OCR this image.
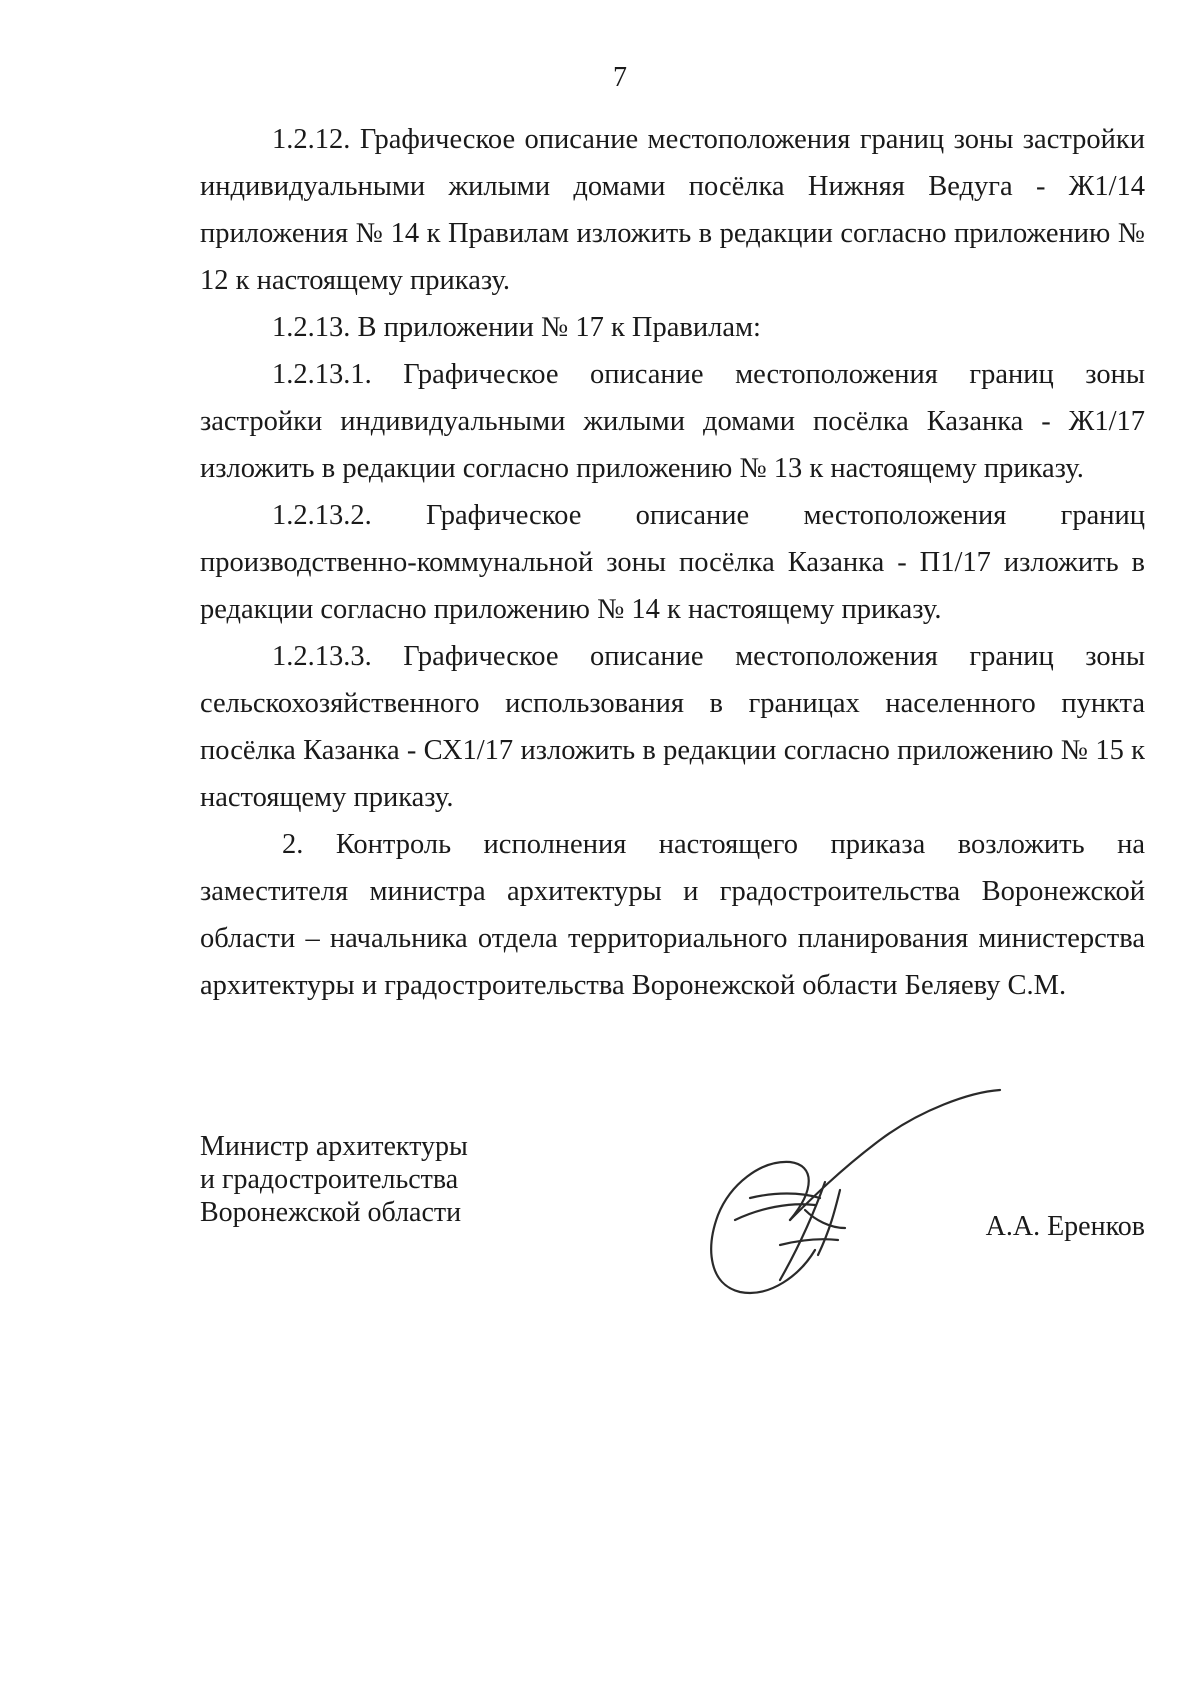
7

1.2.12. Графическое описание местоположения границ зоны застройки индивидуальными жилыми домами посёлка Нижняя Ведуга - Ж1/14 приложения № 14 к Правилам изложить в редакции согласно приложению № 12 к настоящему приказу.

1.2.13. В приложении № 17 к Правилам:

1.2.13.1. Графическое описание местоположения границ зоны застройки индивидуальными жилыми домами посёлка Казанка - Ж1/17 изложить в редакции согласно приложению № 13 к настоящему приказу.

1.2.13.2. Графическое описание местоположения границ производственно-коммунальной зоны посёлка Казанка - П1/17 изложить в редакции согласно приложению № 14 к настоящему приказу.

1.2.13.3. Графическое описание местоположения границ зоны сельскохозяйственного использования в границах населенного пункта посёлка Казанка - СХ1/17 изложить в редакции согласно приложению № 15 к настоящему приказу.

2. Контроль исполнения настоящего приказа возложить на заместителя министра архитектуры и градостроительства Воронежской области – начальника отдела территориального планирования министерства архитектуры и градостроительства Воронежской области Беляеву С.М.

Министр архитектуры
и градостроительства
Воронежской области	А.А. Еренков
